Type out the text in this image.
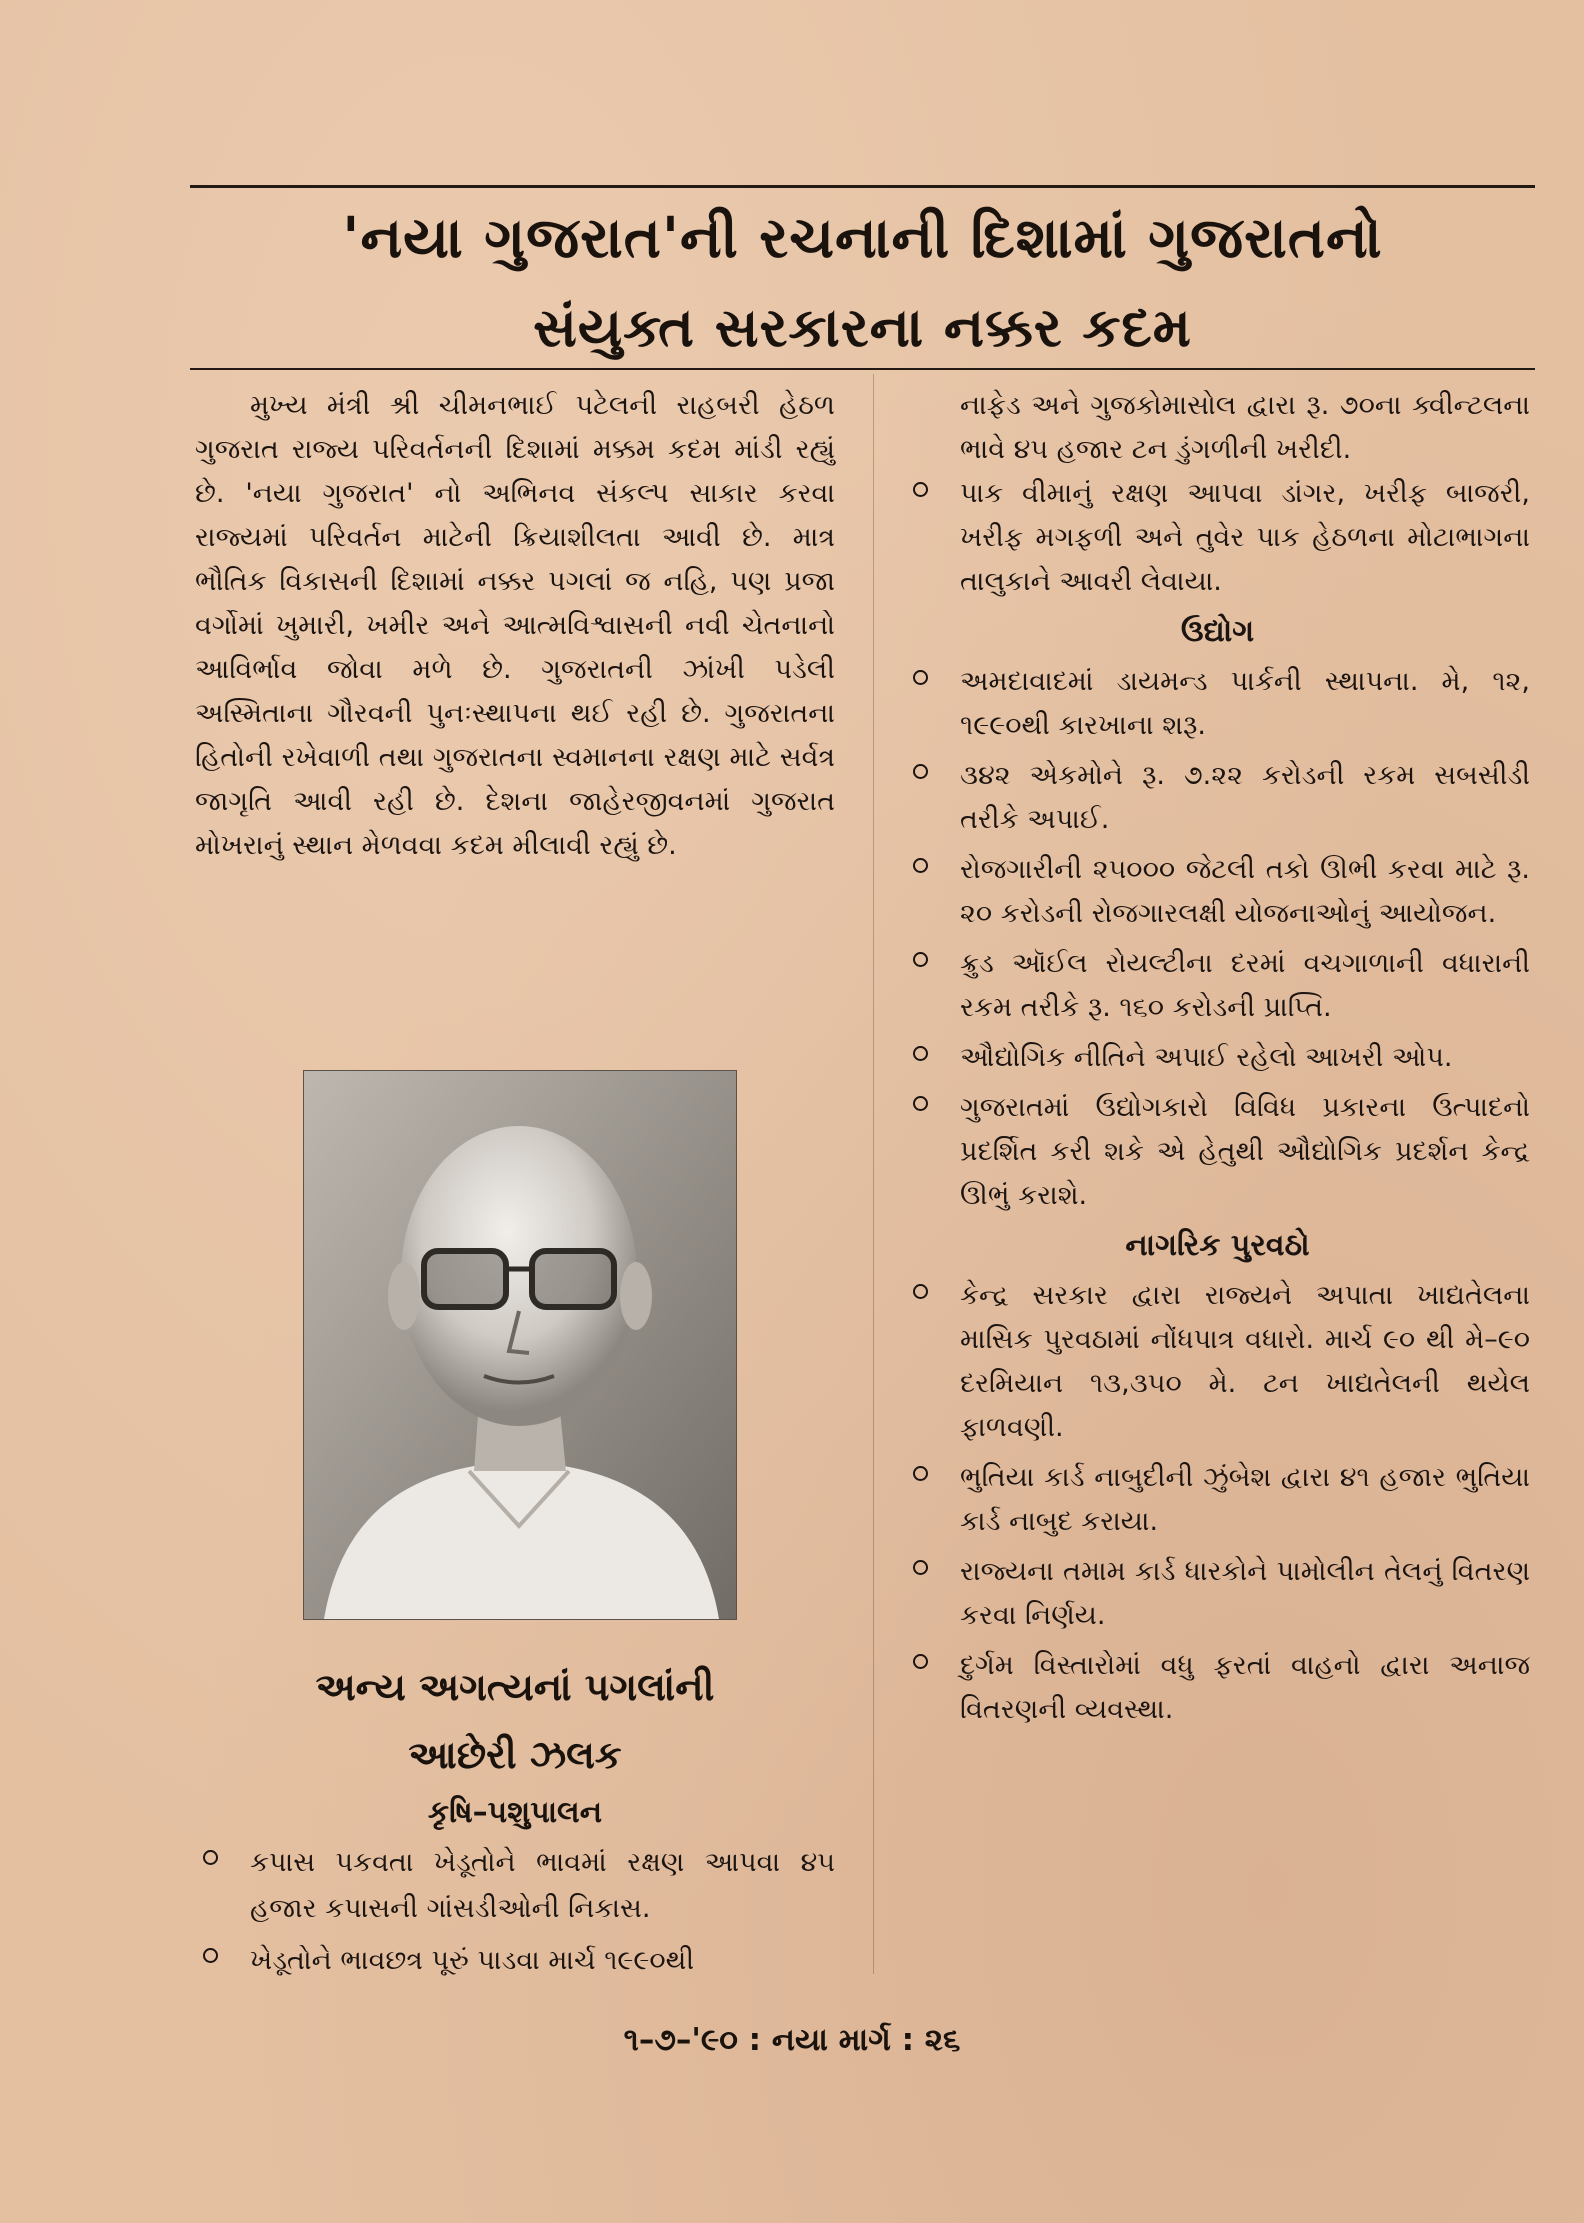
'નયા ગુજરાત'ની રચનાની દિશામાં ગુજરાતનો
સંયુક્ત સરકારના નક્કર કદમ

મુખ્ય મંત્રી શ્રી ચીમનભાઈ પટેલની રાહબરી હેઠળ ગુજરાત રાજ્ય પરિવર્તનની દિશામાં મક્કમ કદમ માંડી રહ્યું છે. 'નયા ગુજરાત' નો અભિનવ સંકલ્પ સાકાર કરવા રાજ્યમાં પરિવર્તન માટેની ક્રિયાશીલતા આવી છે. માત્ર ભૌતિક વિકાસની દિશામાં નક્કર પગલાં જ નહિ, પણ પ્રજા વર્ગોમાં ખુમારી, ખમીર અને આત્મવિશ્વાસની નવી ચેતનાનો આવિર્ભાવ જોવા મળે છે. ગુજરાતની ઝાંખી પડેલી અસ્મિતાના ગૌરવની પુનઃસ્થાપના થઈ રહી છે. ગુજરાતના હિતોની રખેવાળી તથા ગુજરાતના સ્વમાનના રક્ષણ માટે સર્વત્ર જાગૃતિ આવી રહી છે. દેશના જાહેરજીવનમાં ગુજરાત મોખરાનું સ્થાન મેળવવા કદમ મીલાવી રહ્યું છે.

અન્ય અગત્યનાં પગલાંની
આછેરી ઝલક
કૃષિ–પશુપાલન
કપાસ પકવતા ખેડૂતોને ભાવમાં રક્ષણ આપવા ૪૫ હજાર કપાસની ગાંસડીઓની નિકાસ.
ખેડૂતોને ભાવછત્ર પૂરું પાડવા માર્ચ ૧૯૯૦થી

નાફેડ અને ગુજકોમાસોલ દ્વારા રૂ. ૭૦ના ક્વીન્ટલના ભાવે ૪૫ હજાર ટન ડુંગળીની ખરીદી.

પાક વીમાનું રક્ષણ આપવા ડાંગર, ખરીફ બાજરી, ખરીફ મગફળી અને તુવેર પાક હેઠળના મોટાભાગના તાલુકાને આવરી લેવાયા.
ઉદ્યોગ
અમદાવાદમાં ડાયમન્ડ પાર્કની સ્થાપના. મે, ૧૨, ૧૯૯૦થી કારખાના શરૂ.
૩૪૨ એકમોને રૂ. ૭.૨૨ કરોડની રકમ સબસીડી તરીકે અપાઈ.
રોજગારીની ૨૫૦૦૦ જેટલી તકો ઊભી કરવા માટે રૂ. ૨૦ કરોડની રોજગારલક્ષી યોજનાઓનું આયોજન.
ક્રુડ ઑઈલ રોયલ્ટીના દરમાં વચગાળાની વધારાની રકમ તરીકે રૂ. ૧૬૦ કરોડની પ્રાપ્તિ.
ઔદ્યોગિક નીતિને અપાઈ રહેલો આખરી ઓપ.
ગુજરાતમાં ઉદ્યોગકારો વિવિધ પ્રકારના ઉત્પાદનો પ્રદર્શિત કરી શકે એ હેતુથી ઔદ્યોગિક પ્રદર્શન કેન્દ્ર ઊભું કરાશે.
નાગરિક પુરવઠો
કેન્દ્ર સરકાર દ્વારા રાજ્યને અપાતા ખાદ્યતેલના માસિક પુરવઠામાં નોંધપાત્ર વધારો. માર્ચ ૯૦ થી મે–૯૦ દરમિયાન ૧૩,૩૫૦ મે. ટન ખાદ્યતેલની થયેલ ફાળવણી.
ભુતિયા કાર્ડ નાબુદીની ઝુંબેશ દ્વારા ૪૧ હજાર ભુતિયા કાર્ડ નાબુદ કરાયા.
રાજ્યના તમામ કાર્ડ ધારકોને પામોલીન તેલનું વિતરણ કરવા નિર્ણય.
દુર્ગમ વિસ્તારોમાં વધુ ફરતાં વાહનો દ્વારા અનાજ વિતરણની વ્યવસ્થા.
૧–૭–'૯૦ : નયા માર્ગ : ૨૬
